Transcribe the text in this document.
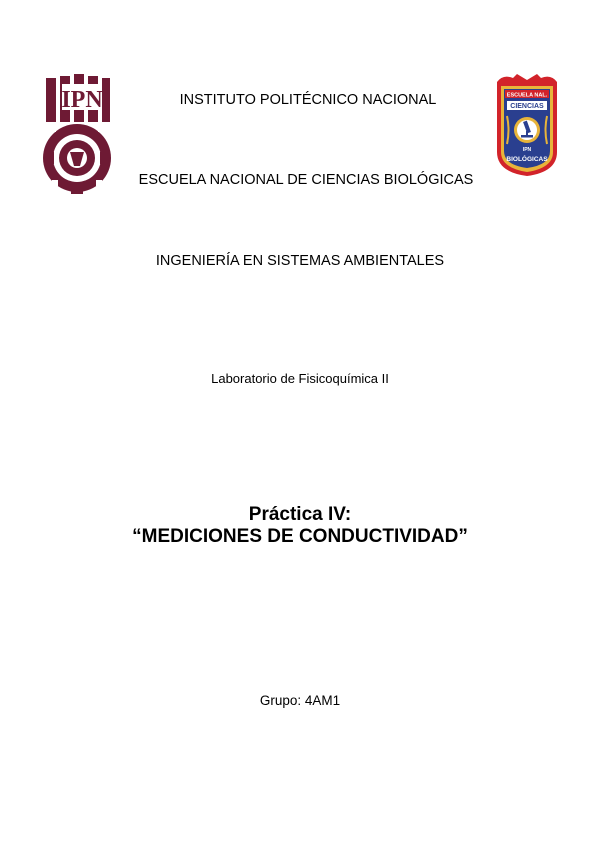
IPN	ESCUELA NAL.
CIENCIAS
IPN
BIOLÓGICAS
INSTITUTO POLITÉCNICO NACIONAL
ESCUELA NACIONAL DE CIENCIAS BIOLÓGICAS
INGENIERÍA EN SISTEMAS AMBIENTALES
Laboratorio de Fisicoquímica II
Práctica IV:
“MEDICIONES DE CONDUCTIVIDAD”
Grupo: 4AM1
